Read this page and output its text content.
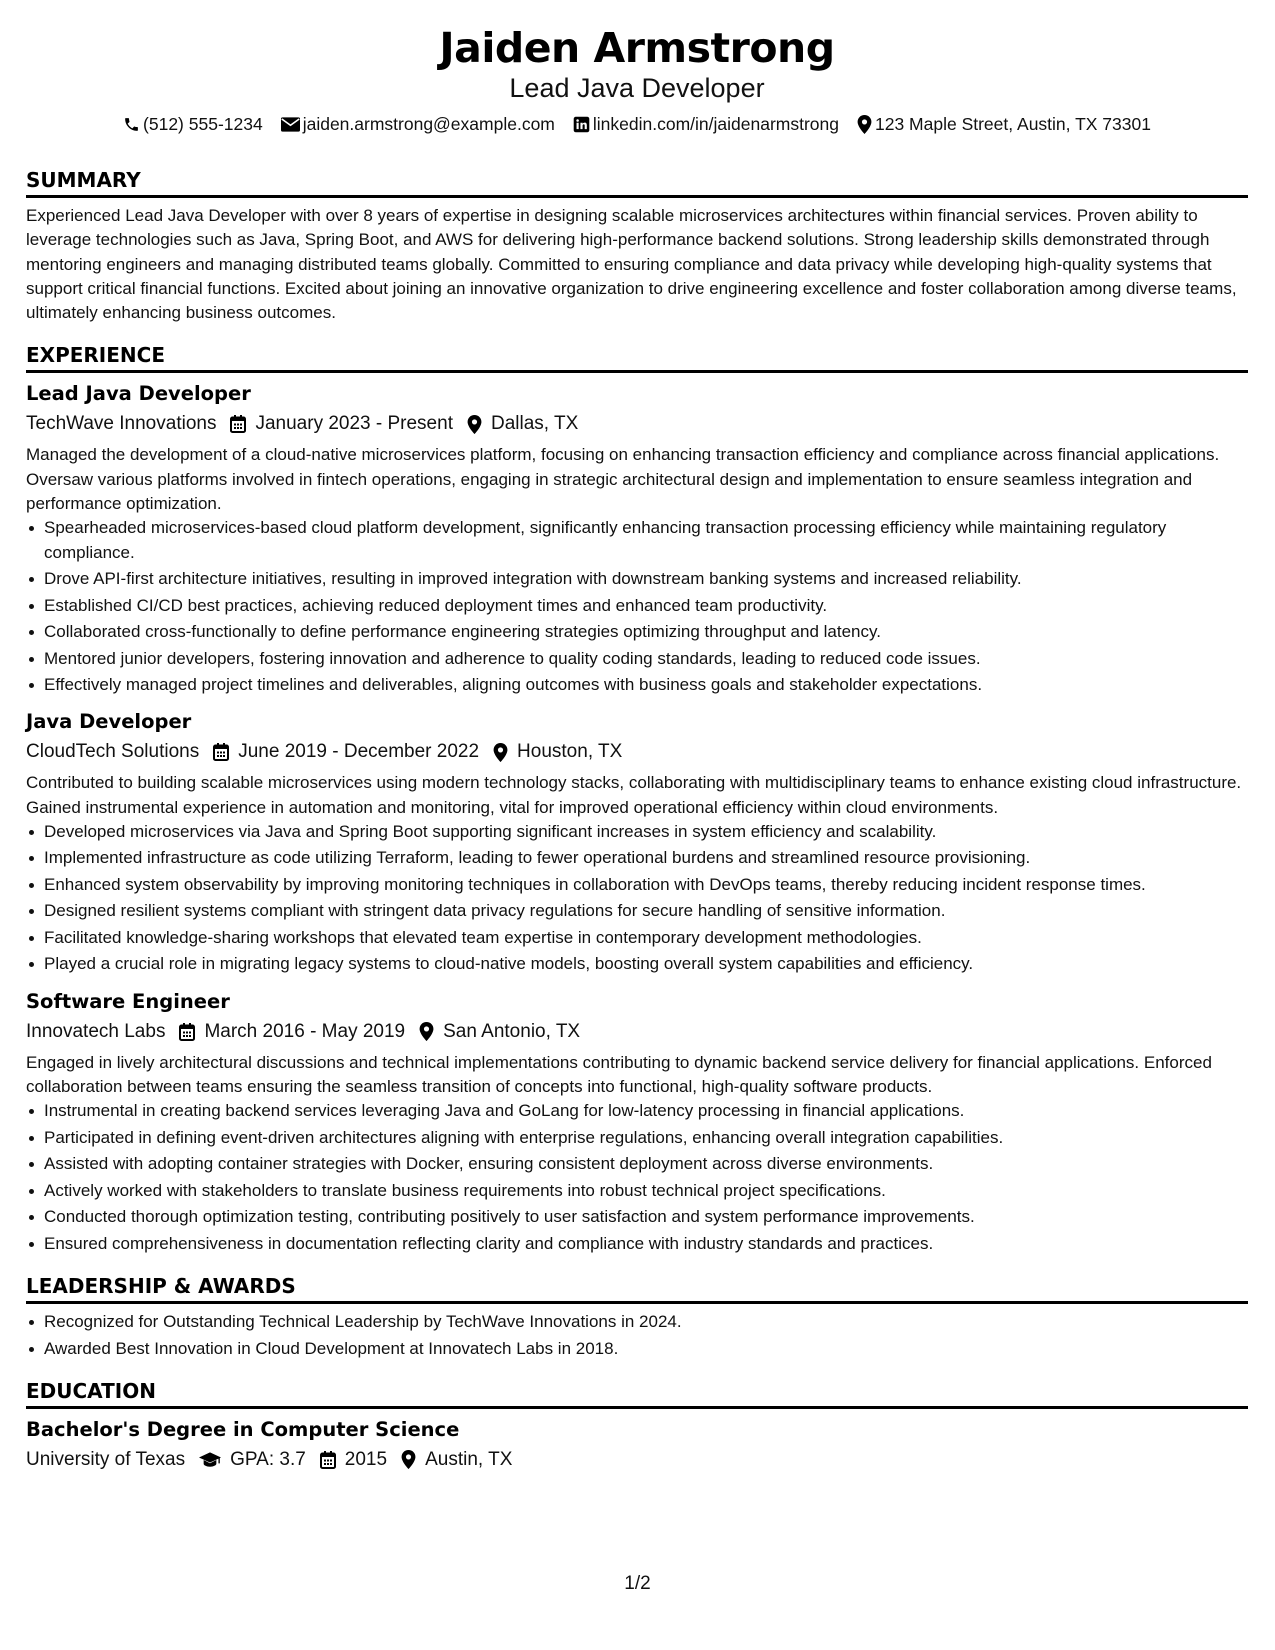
Jaiden Armstrong
Lead Java Developer
(512) 555-1234 jaiden.armstrong@example.com linkedin.com/in/jaidenarmstrong 123 Maple Street, Austin, TX 73301
SUMMARY

Experienced Lead Java Developer with over 8 years of expertise in designing scalable microservices architectures within financial services. Proven ability to leverage technologies such as Java, Spring Boot, and AWS for delivering high-performance backend solutions. Strong leadership skills demonstrated through mentoring engineers and managing distributed teams globally. Committed to ensuring compliance and data privacy while developing high-quality systems that support critical financial functions. Excited about joining an innovative organization to drive engineering excellence and foster collaboration among diverse teams, ultimately enhancing business outcomes.

EXPERIENCE
Lead Java Developer
TechWave Innovations January 2023 - Present Dallas, TX

Managed the development of a cloud-native microservices platform, focusing on enhancing transaction efficiency and compliance across financial applications. Oversaw various platforms involved in fintech operations, engaging in strategic architectural design and implementation to ensure seamless integration and performance optimization.

Spearheaded microservices-based cloud platform development, significantly enhancing transaction processing efficiency while maintaining regulatory compliance.
Drove API-first architecture initiatives, resulting in improved integration with downstream banking systems and increased reliability.
Established CI/CD best practices, achieving reduced deployment times and enhanced team productivity.
Collaborated cross-functionally to define performance engineering strategies optimizing throughput and latency.
Mentored junior developers, fostering innovation and adherence to quality coding standards, leading to reduced code issues.
Effectively managed project timelines and deliverables, aligning outcomes with business goals and stakeholder expectations.
Java Developer
CloudTech Solutions June 2019 - December 2022 Houston, TX

Contributed to building scalable microservices using modern technology stacks, collaborating with multidisciplinary teams to enhance existing cloud infrastructure. Gained instrumental experience in automation and monitoring, vital for improved operational efficiency within cloud environments.

Developed microservices via Java and Spring Boot supporting significant increases in system efficiency and scalability.
Implemented infrastructure as code utilizing Terraform, leading to fewer operational burdens and streamlined resource provisioning.
Enhanced system observability by improving monitoring techniques in collaboration with DevOps teams, thereby reducing incident response times.
Designed resilient systems compliant with stringent data privacy regulations for secure handling of sensitive information.
Facilitated knowledge-sharing workshops that elevated team expertise in contemporary development methodologies.
Played a crucial role in migrating legacy systems to cloud-native models, boosting overall system capabilities and efficiency.
Software Engineer
Innovatech Labs March 2016 - May 2019 San Antonio, TX

Engaged in lively architectural discussions and technical implementations contributing to dynamic backend service delivery for financial applications. Enforced collaboration between teams ensuring the seamless transition of concepts into functional, high-quality software products.

Instrumental in creating backend services leveraging Java and GoLang for low-latency processing in financial applications.
Participated in defining event-driven architectures aligning with enterprise regulations, enhancing overall integration capabilities.
Assisted with adopting container strategies with Docker, ensuring consistent deployment across diverse environments.
Actively worked with stakeholders to translate business requirements into robust technical project specifications.
Conducted thorough optimization testing, contributing positively to user satisfaction and system performance improvements.
Ensured comprehensiveness in documentation reflecting clarity and compliance with industry standards and practices.
LEADERSHIP & AWARDS
Recognized for Outstanding Technical Leadership by TechWave Innovations in 2024.
Awarded Best Innovation in Cloud Development at Innovatech Labs in 2018.
EDUCATION
Bachelor's Degree in Computer Science
University of Texas GPA: 3.7 2015 Austin, TX
1/2
